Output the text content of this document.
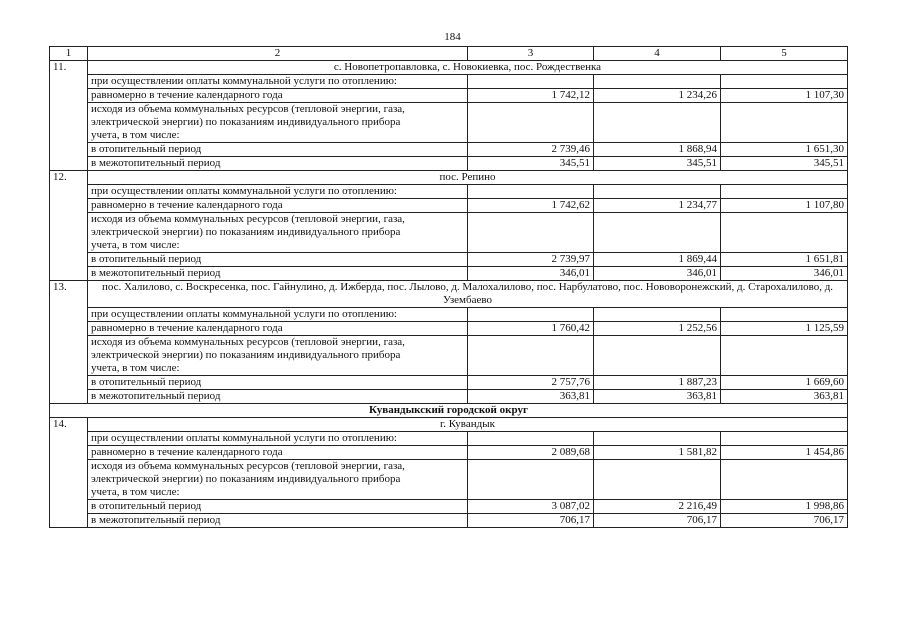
184
1	2	3	4	5
11.	с. Новопетропавловка, с. Новокиевка, пос. Рождественка			
	при осуществлении оплаты коммунальной услуги по отоплению:			
	равномерно в течение календарного года	1 742,12	1 234,26	1 107,30
	исходя из объема коммунальных ресурсов (тепловой энергии, газа, электрической энергии) по показаниям индивидуального прибора учета, в том числе:			
	в отопительный период	2 739,46	1 868,94	1 651,30
	в межотопительный период	345,51	345,51	345,51
12.	пос. Репино			
	при осуществлении оплаты коммунальной услуги по отоплению:			
	равномерно в течение календарного года	1 742,62	1 234,77	1 107,80
	исходя из объема коммунальных ресурсов (тепловой энергии, газа, электрической энергии) по показаниям индивидуального прибора учета, в том числе:			
	в отопительный период	2 739,97	1 869,44	1 651,81
	в межотопительный период	346,01	346,01	346,01
13.	пос. Халилово, с. Воскресенка, пос. Гайнулино, д. Ижберда, пос. Лылово, д. Малохалилово, пос. Нарбулатово, пос. Нововоронежский, д. Старохалилово, д. Узембаево			
	при осуществлении оплаты коммунальной услуги по отоплению:			
	равномерно в течение календарного года	1 760,42	1 252,56	1 125,59
	исходя из объема коммунальных ресурсов (тепловой энергии, газа, электрической энергии) по показаниям индивидуального прибора учета, в том числе:			
	в отопительный период	2 757,76	1 887,23	1 669,60
	в межотопительный период	363,81	363,81	363,81
Кувандыкский городской округ				
14.	г. Кувандык			
	при осуществлении оплаты коммунальной услуги по отоплению:			
	равномерно в течение календарного года	2 089,68	1 581,82	1 454,86
	исходя из объема коммунальных ресурсов (тепловой энергии, газа, электрической энергии) по показаниям индивидуального прибора учета, в том числе:			
	в отопительный период	3 087,02	2 216,49	1 998,86
	в межотопительный период	706,17	706,17	706,17
